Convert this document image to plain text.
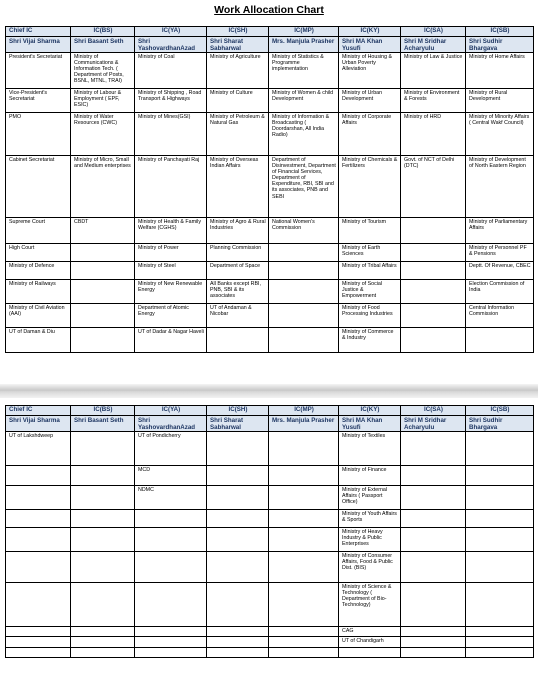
Work Allocation Chart
Chief IC	IC(BS)	IC(YA)	IC(SH)	IC(MP)	IC(KY)	IC(SA)	IC(SB)
Shri Vijai Sharma	Shri Basant Seth	Shri YashovardhanAzad	Shri Sharat Sabharwal	Mrs. Manjula Prasher	Shri MA Khan Yusufi	Shri M Sridhar Acharyulu	Shri Sudhir Bhargava
President's Secretariat	Ministry of Communications & Information Tech. ( Department of Posts, BSNL, MTNL, TRAI)	Ministry of Coal	Ministry of Agriculture	Ministry of Statistics & Programme implementation	Ministry of Housing & Urban Poverty Alleviation	Ministry of Law & Justice	Ministry of Home Affairs
Vice-President's Secretariat	Ministry of Labour & Employment ( EPF, ESIC)	Ministry of Shipping , Road Transport & Highways	Ministry of Culture	Ministry of Women & child Development	Ministry of Urban Development	Ministry of Environment & Forests	Ministry of Rural Development
PMO	Ministry of Water Resources (CWC)	Ministry of Mines(GSI)	Ministry of Petroleum & Natural Gas	Ministry of Information & Broadcasting ( Doordarshan, All India Radio)	Ministry of Corporate Affairs	Ministry of HRD	Ministry of Minority Affairs ( Central Wakf Council)
Cabinet Secretariat	Ministry of Micro, Small and Medium enterprises	Ministry of Panchayati Raj	Ministry of Overseas Indian Affairs	Department of Disinvestment, Department of Financial Services, Department of Expenditure, RBI, SBI and its associates, PNB and SEBI	Ministry of Chemicals & Fertilizers	Govt. of NCT of Delhi (DTC)	Ministry of Development of North Eastern Region
Supreme Court	CBDT	Ministry of Health & Family Welfare (CGHS)	Ministry of Agro & Rural Industries	National Women's Commission	Ministry of Tourism		Ministry of Parliamentary Affairs
High Court		Ministry of Power	Planning Commission		Ministry of Earth Sciences		Ministry of Personnel PF & Pensions
Ministry of Defence		Ministry of Steel	Department of Space		Ministry of Tribal Affairs		Deptt. Of Revenue, CBEC
Ministry of Railways		Ministry of New Renewable Energy	All Banks except RBI, PNB, SBI & its associates		Ministry of Social Justice & Empowerment		Election Commission of India
Ministry of Civil Aviation (AAI)		Department of Atomic Energy	UT of Andaman & Nicobar		Ministry of Food Processing Industries		Central Information Commission
UT of Daman & Diu		UT of Dadar & Nagar Haveli			Ministry of Commerce & Industry		
Chief IC	IC(BS)	IC(YA)	IC(SH)	IC(MP)	IC(KY)	IC(SA)	IC(SB)
Shri Vijai Sharma	Shri Basant Seth	Shri YashovardhanAzad	Shri Sharat Sabharwal	Mrs. Manjula Prasher	Shri MA Khan Yusufi	Shri M Sridhar Acharyulu	Shri Sudhir Bhargava
UT of Lakshdweep		UT of Pondicherry			Ministry of Textiles		
		MCD			Ministry of Finance		
		NDMC			Ministry of External Affairs ( Passport Office)		
					Ministry of Youth Affairs & Sports		
					Ministry of Heavy Industry & Public Enterprises		
					Ministry of Consumer Affairs, Food & Public Dist. (BIS)		
					Ministry of Science & Technology ( Department of Bio-Technology)		
					CAG		
					UT of Chandigarh		
